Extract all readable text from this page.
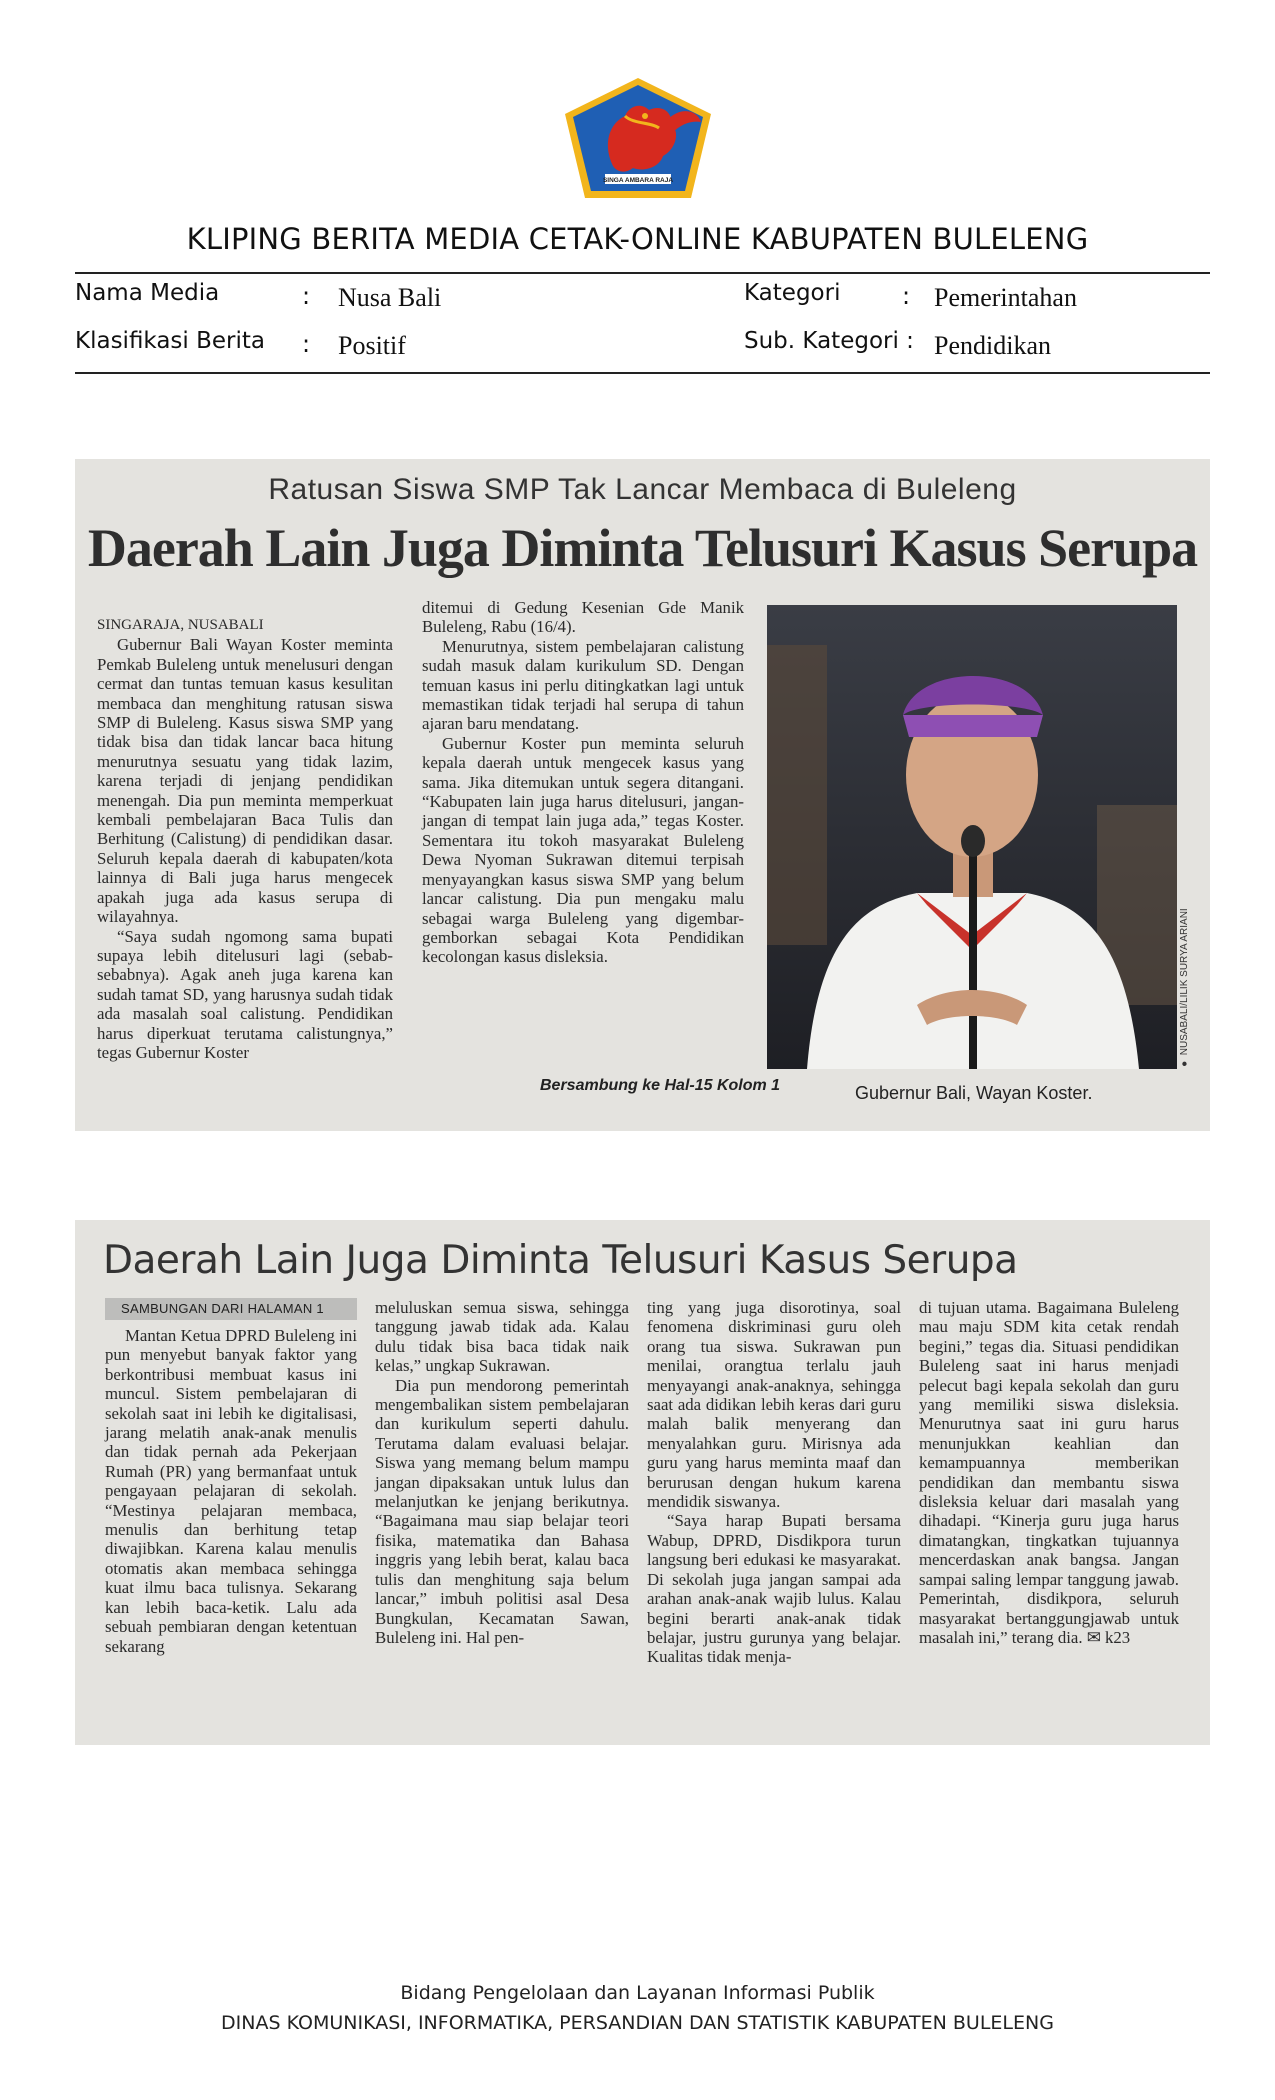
SINGA AMBARA RAJA
KLIPING BERITA MEDIA CETAK-ONLINE KABUPATEN BULELENG
Nama Media	: Nusa Bali	Kategori	: Pemerintahan
Klasifikasi Berita : Positif	Sub. Kategori : Pendidikan
Ratusan Siswa SMP Tak Lancar Membaca di Buleleng
Daerah Lain Juga Diminta Telusuri Kasus Serupa

SINGARAJA, NUSABALI

Gubernur Bali Wayan Koster meminta Pemkab Buleleng untuk menelusuri dengan cermat dan tuntas temuan kasus kesulitan membaca dan menghitung ratusan siswa SMP di Buleleng. Kasus siswa SMP yang tidak bisa dan tidak lancar baca hitung menurutnya sesuatu yang tidak lazim, karena terjadi di jenjang pendidikan menengah. Dia pun meminta memperkuat kembali pembelajaran Baca Tulis dan Berhitung (Calistung) di pendidikan dasar. Seluruh kepala daerah di kabupaten/kota lainnya di Bali juga harus mengecek apakah juga ada kasus serupa di wilayahnya.

“Saya sudah ngomong sama bupati supaya lebih ditelusuri lagi (sebab-sebabnya). Agak aneh juga karena kan sudah tamat SD, yang harusnya sudah tidak ada masalah soal calistung. Pendidikan harus diperkuat terutama calistungnya,” tegas Gubernur Koster

ditemui di Gedung Kesenian Gde Manik Buleleng, Rabu (16/4).

Menurutnya, sistem pembelajaran calistung sudah masuk dalam kurikulum SD. Dengan temuan kasus ini perlu ditingkatkan lagi untuk memastikan tidak terjadi hal serupa di tahun ajaran baru mendatang.

Gubernur Koster pun meminta seluruh kepala daerah untuk mengecek kasus yang sama. Jika ditemukan untuk segera ditangani. “Kabupaten lain juga harus ditelusuri, jangan-jangan di tempat lain juga ada,” tegas Koster. Sementara itu tokoh masyarakat Buleleng Dewa Nyoman Sukrawan ditemui terpisah menyayangkan kasus siswa SMP yang belum lancar calistung. Dia pun mengaku malu sebagai warga Buleleng yang digembar-gemborkan sebagai Kota Pendidikan kecolongan kasus disleksia.

Bersambung ke Hal-15 Kolom 1
● NUSABALI/LILIK SURYA ARIANI
Gubernur Bali, Wayan Koster.
Daerah Lain Juga Diminta Telusuri Kasus Serupa
SAMBUNGAN DARI HALAMAN 1

Mantan Ketua DPRD Buleleng ini pun menyebut banyak faktor yang berkontribusi membuat kasus ini muncul. Sistem pembelajaran di sekolah saat ini lebih ke digitalisasi, jarang melatih anak-anak menulis dan tidak pernah ada Pekerjaan Rumah (PR) yang bermanfaat untuk pengayaan pelajaran di sekolah. “Mestinya pelajaran membaca, menulis dan berhitung tetap diwajibkan. Karena kalau menulis otomatis akan membaca sehingga kuat ilmu baca tulisnya. Sekarang kan lebih baca-ketik. Lalu ada sebuah pembiaran dengan ketentuan sekarang

meluluskan semua siswa, sehingga tanggung jawab tidak ada. Kalau dulu tidak bisa baca tidak naik kelas,” ungkap Sukrawan.

Dia pun mendorong pemerintah mengembalikan sistem pembelajaran dan kurikulum seperti dahulu. Terutama dalam evaluasi belajar. Siswa yang memang belum mampu jangan dipaksakan untuk lulus dan melanjutkan ke jenjang berikutnya. “Bagaimana mau siap belajar teori fisika, matematika dan Bahasa inggris yang lebih berat, kalau baca tulis dan menghitung saja belum lancar,” imbuh politisi asal Desa Bungkulan, Kecamatan Sawan, Buleleng ini. Hal pen-

ting yang juga disorotinya, soal fenomena diskriminasi guru oleh orang tua siswa. Sukrawan pun menilai, orangtua terlalu jauh menyayangi anak-anaknya, sehingga saat ada didikan lebih keras dari guru malah balik menyerang dan menyalahkan guru. Mirisnya ada guru yang harus meminta maaf dan berurusan dengan hukum karena mendidik siswanya.

“Saya harap Bupati bersama Wabup, DPRD, Disdikpora turun langsung beri edukasi ke masyarakat. Di sekolah juga jangan sampai ada arahan anak-anak wajib lulus. Kalau begini berarti anak-anak tidak belajar, justru gurunya yang belajar. Kualitas tidak menja-

di tujuan utama. Bagaimana Buleleng mau maju SDM kita cetak rendah begini,” tegas dia. Situasi pendidikan Buleleng saat ini harus menjadi pelecut bagi kepala sekolah dan guru yang memiliki siswa disleksia. Menurutnya saat ini guru harus menunjukkan keahlian dan kemampuannya memberikan pendidikan dan membantu siswa disleksia keluar dari masalah yang dihadapi. “Kinerja guru juga harus dimatangkan, tingkatkan tujuannya mencerdaskan anak bangsa. Jangan sampai saling lempar tanggung jawab. Pemerintah, disdikpora, seluruh masyarakat bertanggungjawab untuk masalah ini,” terang dia. ✉ k23

Bidang Pengelolaan dan Layanan Informasi Publik
DINAS KOMUNIKASI, INFORMATIKA, PERSANDIAN DAN STATISTIK KABUPATEN BULELENG
